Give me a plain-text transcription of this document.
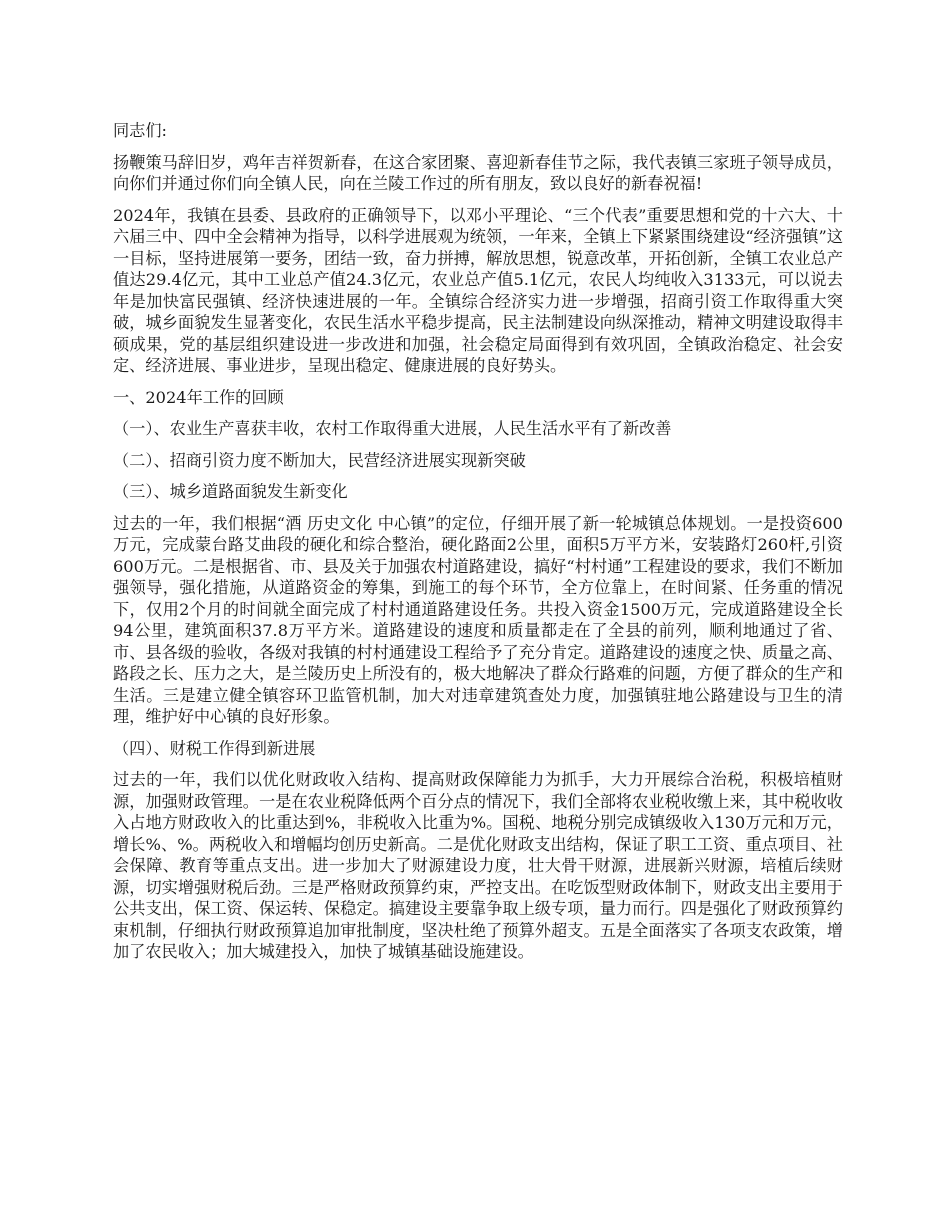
同志们:

扬鞭策马辞旧岁，鸡年吉祥贺新春，在这合家团聚、喜迎新春佳节之际，我代表镇三家班子领导成员，向你们并通过你们向全镇人民，向在兰陵工作过的所有朋友，致以良好的新春祝福!

2024年，我镇在县委、县政府的正确领导下，以邓小平理论、“三个代表”重要思想和党的十六大、十六届三中、四中全会精神为指导，以科学进展观为统领，一年来，全镇上下紧紧围绕建设“经济强镇”这一目标，坚持进展第一要务，团结一致，奋力拼搏，解放思想，锐意改革，开拓创新，全镇工农业总产值达29.4亿元，其中工业总产值24.3亿元，农业总产值5.1亿元，农民人均纯收入3133元，可以说去年是加快富民强镇、经济快速进展的一年。全镇综合经济实力进一步增强，招商引资工作取得重大突破，城乡面貌发生显著变化，农民生活水平稳步提高，民主法制建设向纵深推动，精神文明建设取得丰硕成果，党的基层组织建设进一步改进和加强，社会稳定局面得到有效巩固，全镇政治稳定、社会安定、经济进展、事业进步，呈现出稳定、健康进展的良好势头。

一、2024年工作的回顾

（一）、农业生产喜获丰收，农村工作取得重大进展，人民生活水平有了新改善

（二）、招商引资力度不断加大，民营经济进展实现新突破

（三）、城乡道路面貌发生新变化

过去的一年，我们根据“酒 历史文化 中心镇”的定位，仔细开展了新一轮城镇总体规划。一是投资600万元，完成蒙台路艾曲段的硬化和综合整治，硬化路面2公里，面积5万平方米，安装路灯260杆,引资600万元。二是根据省、市、县及关于加强农村道路建设，搞好“村村通”工程建设的要求，我们不断加强领导，强化措施，从道路资金的筹集，到施工的每个环节，全方位靠上，在时间紧、任务重的情况下，仅用2个月的时间就全面完成了村村通道路建设任务。共投入资金1500万元，完成道路建设全长94公里，建筑面积37.8万平方米。道路建设的速度和质量都走在了全县的前列，顺利地通过了省、市、县各级的验收，各级对我镇的村村通建设工程给予了充分肯定。道路建设的速度之快、质量之高、路段之长、压力之大，是兰陵历史上所没有的，极大地解决了群众行路难的问题，方便了群众的生产和生活。三是建立健全镇容环卫监管机制，加大对违章建筑查处力度，加强镇驻地公路建设与卫生的清理，维护好中心镇的良好形象。

（四）、财税工作得到新进展

过去的一年，我们以优化财政收入结构、提高财政保障能力为抓手，大力开展综合治税，积极培植财源，加强财政管理。一是在农业税降低两个百分点的情况下，我们全部将农业税收缴上来，其中税收收入占地方财政收入的比重达到%，非税收入比重为%。国税、地税分别完成镇级收入130万元和万元，增长%、%。两税收入和增幅均创历史新高。二是优化财政支出结构，保证了职工工资、重点项目、社会保障、教育等重点支出。进一步加大了财源建设力度，壮大骨干财源，进展新兴财源，培植后续财源，切实增强财税后劲。三是严格财政预算约束，严控支出。在吃饭型财政体制下，财政支出主要用于公共支出，保工资、保运转、保稳定。搞建设主要靠争取上级专项，量力而行。四是强化了财政预算约束机制，仔细执行财政预算追加审批制度，坚决杜绝了预算外超支。五是全面落实了各项支农政策，增加了农民收入；加大城建投入，加快了城镇基础设施建设。
